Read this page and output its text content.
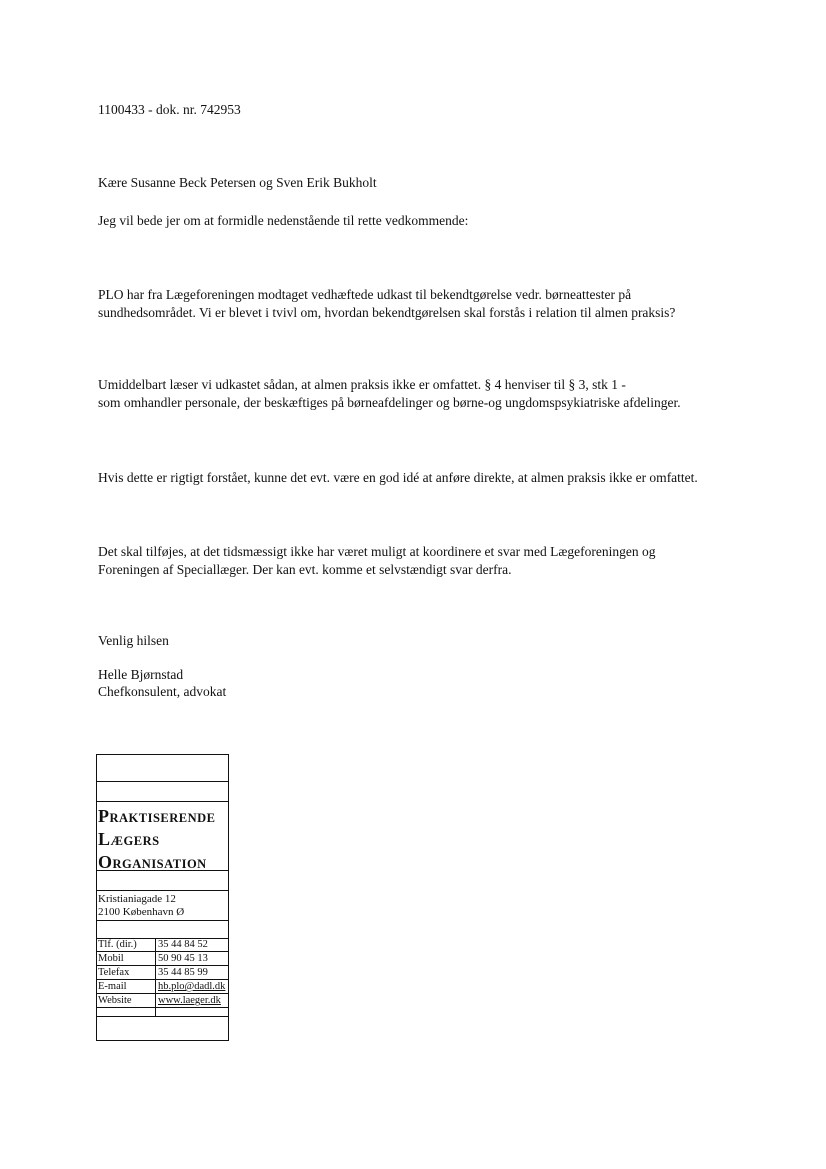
1100433 - dok. nr. 742953

Kære Susanne Beck Petersen og Sven Erik Bukholt

Jeg vil bede jer om at formidle nedenstående til rette vedkommende:

PLO har fra Lægeforeningen modtaget vedhæftede udkast til bekendtgørelse vedr. børneattester på

sundhedsområdet. Vi er blevet i tvivl om, hvordan bekendtgørelsen skal forstås i relation til almen praksis?

Umiddelbart læser vi udkastet sådan, at almen praksis ikke er omfattet. § 4 henviser til § 3, stk 1 -

som omhandler personale, der beskæftiges på børneafdelinger og børne-og ungdomspsykiatriske afdelinger.

Hvis dette er rigtigt forstået, kunne det evt. være en god idé at anføre direkte, at almen praksis ikke er omfattet.

Det skal tilføjes, at det tidsmæssigt ikke har været muligt at koordinere et svar med Lægeforeningen og

Foreningen af Speciallæger. Der kan evt. komme et selvstændigt svar derfra.

Venlig hilsen

Helle Bjørnstad

Chefkonsulent, advokat

PRAKTISERENDE
LÆGERS
ORGANISATION
Kristianiagade 12
2100 København Ø
Tlf. (dir.) 35 44 84 52
Mobil	50 90 45 13
Telefax	35 44 85 99
E-mail	hb.plo@dadl.dk
Website	www.laeger.dk
